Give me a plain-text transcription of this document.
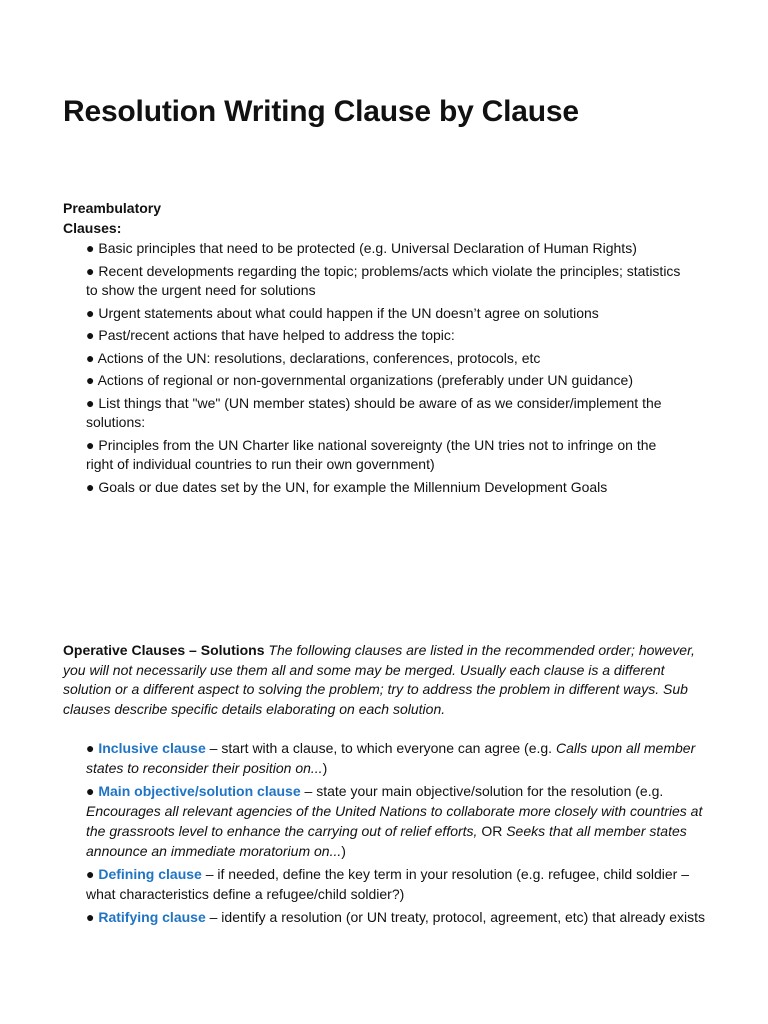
Resolution Writing Clause by Clause
Preambulatory
Clauses:
● Basic principles that need to be protected (e.g. Universal Declaration of Human Rights)
● Recent developments regarding the topic; problems/acts which violate the principles; statistics to show the urgent need for solutions
● Urgent statements about what could happen if the UN doesn’t agree on solutions
● Past/recent actions that have helped to address the topic:
● Actions of the UN: resolutions, declarations, conferences, protocols, etc
● Actions of regional or non-governmental organizations (preferably under UN guidance)
● List things that "we" (UN member states) should be aware of as we consider/implement the solutions:
● Principles from the UN Charter like national sovereignty (the UN tries not to infringe on the right of individual countries to run their own government)
● Goals or due dates set by the UN, for example the Millennium Development Goals

Operative Clauses – Solutions The following clauses are listed in the recommended order; however, you will not necessarily use them all and some may be merged. Usually each clause is a different solution or a different aspect to solving the problem; try to address the problem in different ways. Sub clauses describe specific details elaborating on each solution.

● Inclusive clause – start with a clause, to which everyone can agree (e.g. Calls upon all member states to reconsider their position on...)
● Main objective/solution clause – state your main objective/solution for the resolution (e.g. Encourages all relevant agencies of the United Nations to collaborate more closely with countries at the grassroots level to enhance the carrying out of relief efforts, OR Seeks that all member states announce an immediate moratorium on...)
● Defining clause – if needed, define the key term in your resolution (e.g. refugee, child soldier – what characteristics define a refugee/child soldier?)
● Ratifying clause – identify a resolution (or UN treaty, protocol, agreement, etc) that already exists
